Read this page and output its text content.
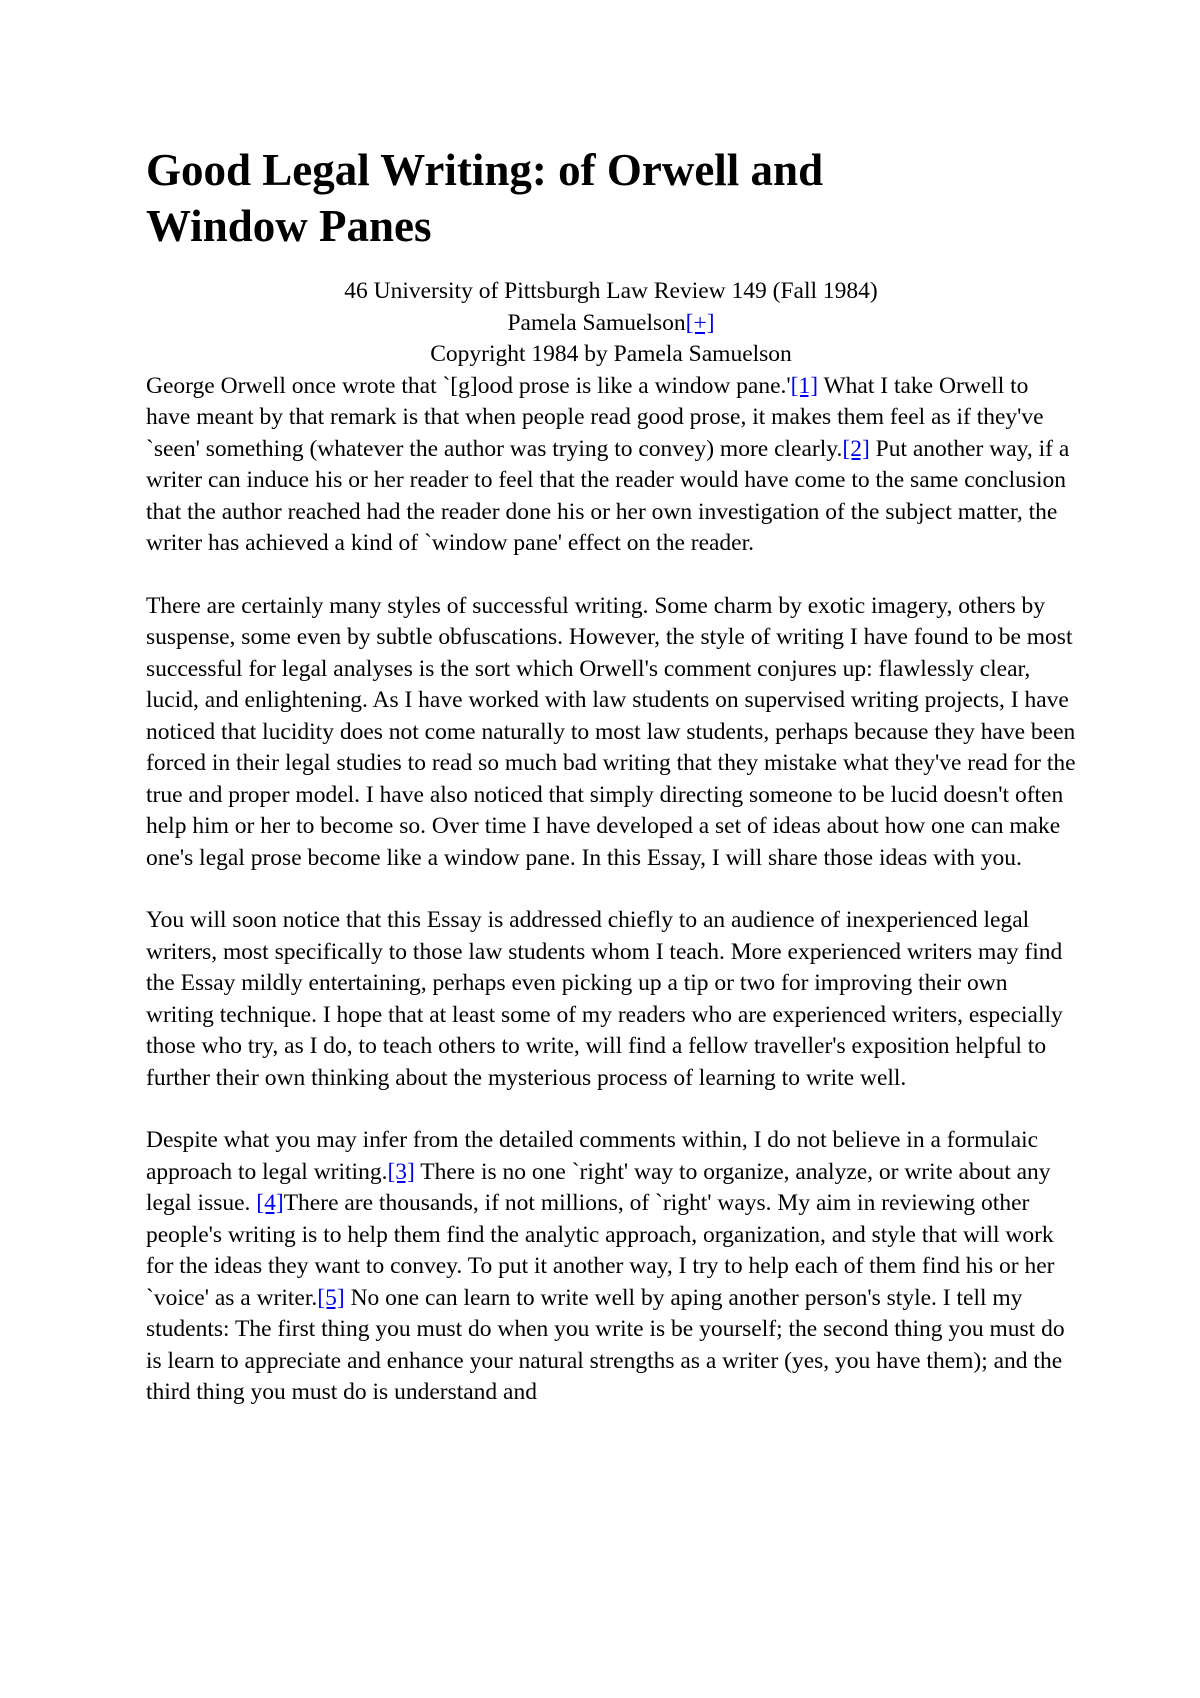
Good Legal Writing: of Orwell and Window Panes
46 University of Pittsburgh Law Review 149 (Fall 1984)
Pamela Samuelson[+]
Copyright 1984 by Pamela Samuelson

George Orwell once wrote that `[g]ood prose is like a window pane.'[1] What I take Orwell to have meant by that remark is that when people read good prose, it makes them feel as if they've `seen' something (whatever the author was trying to convey) more clearly.[2] Put another way, if a writer can induce his or her reader to feel that the reader would have come to the same conclusion that the author reached had the reader done his or her own investigation of the subject matter, the writer has achieved a kind of `window pane' effect on the reader.

There are certainly many styles of successful writing. Some charm by exotic imagery, others by suspense, some even by subtle obfuscations. However, the style of writing I have found to be most successful for legal analyses is the sort which Orwell's comment conjures up: flawlessly clear, lucid, and enlightening. As I have worked with law students on supervised writing projects, I have noticed that lucidity does not come naturally to most law students, perhaps because they have been forced in their legal studies to read so much bad writing that they mistake what they've read for the true and proper model. I have also noticed that simply directing someone to be lucid doesn't often help him or her to become so. Over time I have developed a set of ideas about how one can make one's legal prose become like a window pane. In this Essay, I will share those ideas with you.

You will soon notice that this Essay is addressed chiefly to an audience of inexperienced legal writers, most specifically to those law students whom I teach. More experienced writers may find the Essay mildly entertaining, perhaps even picking up a tip or two for improving their own writing technique. I hope that at least some of my readers who are experienced writers, especially those who try, as I do, to teach others to write, will find a fellow traveller's exposition helpful to further their own thinking about the mysterious process of learning to write well.

Despite what you may infer from the detailed comments within, I do not believe in a formulaic approach to legal writing.[3] There is no one `right' way to organize, analyze, or write about any legal issue. [4]There are thousands, if not millions, of `right' ways. My aim in reviewing other people's writing is to help them find the analytic approach, organization, and style that will work for the ideas they want to convey. To put it another way, I try to help each of them find his or her `voice' as a writer.[5] No one can learn to write well by aping another person's style. I tell my students: The first thing you must do when you write is be yourself; the second thing you must do is learn to appreciate and enhance your natural strengths as a writer (yes, you have them); and the third thing you must do is understand and
